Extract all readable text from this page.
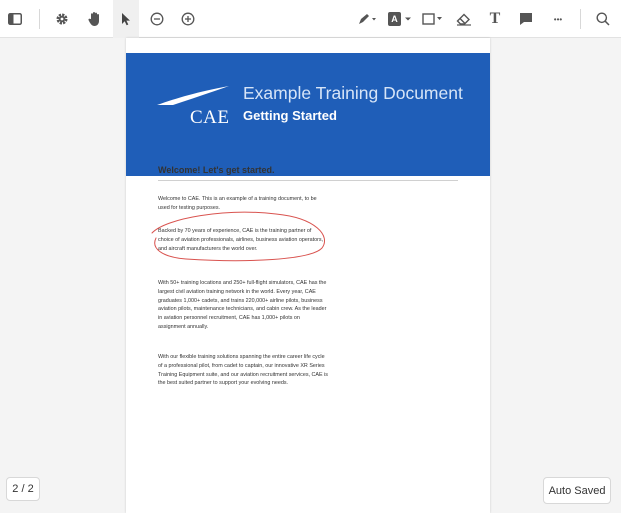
A	T	•••
CAE
Example Training Document
Getting Started
Welcome! Let's get started.

Welcome to CAE. This is an example of a training document, to be used for testing purposes.

Backed by 70 years of experience, CAE is the training partner of choice of aviation professionals, airlines, business aviation operators, and aircraft manufacturers the world over.

With 50+ training locations and 250+ full-flight simulators, CAE has the largest civil aviation training network in the world. Every year, CAE graduates 1,000+ cadets, and trains 220,000+ airline pilots, business aviation pilots, maintenance technicians, and cabin crew. As the leader in aviation personnel recruitment, CAE has 1,000+ pilots on assignment annually.

With our flexible training solutions spanning the entire career life cycle of a professional pilot, from cadet to captain, our innovative XR Series Training Equipment suite, and our aviation recruitment services, CAE is the best suited partner to support your evolving needs.

2 / 2	Auto Saved
